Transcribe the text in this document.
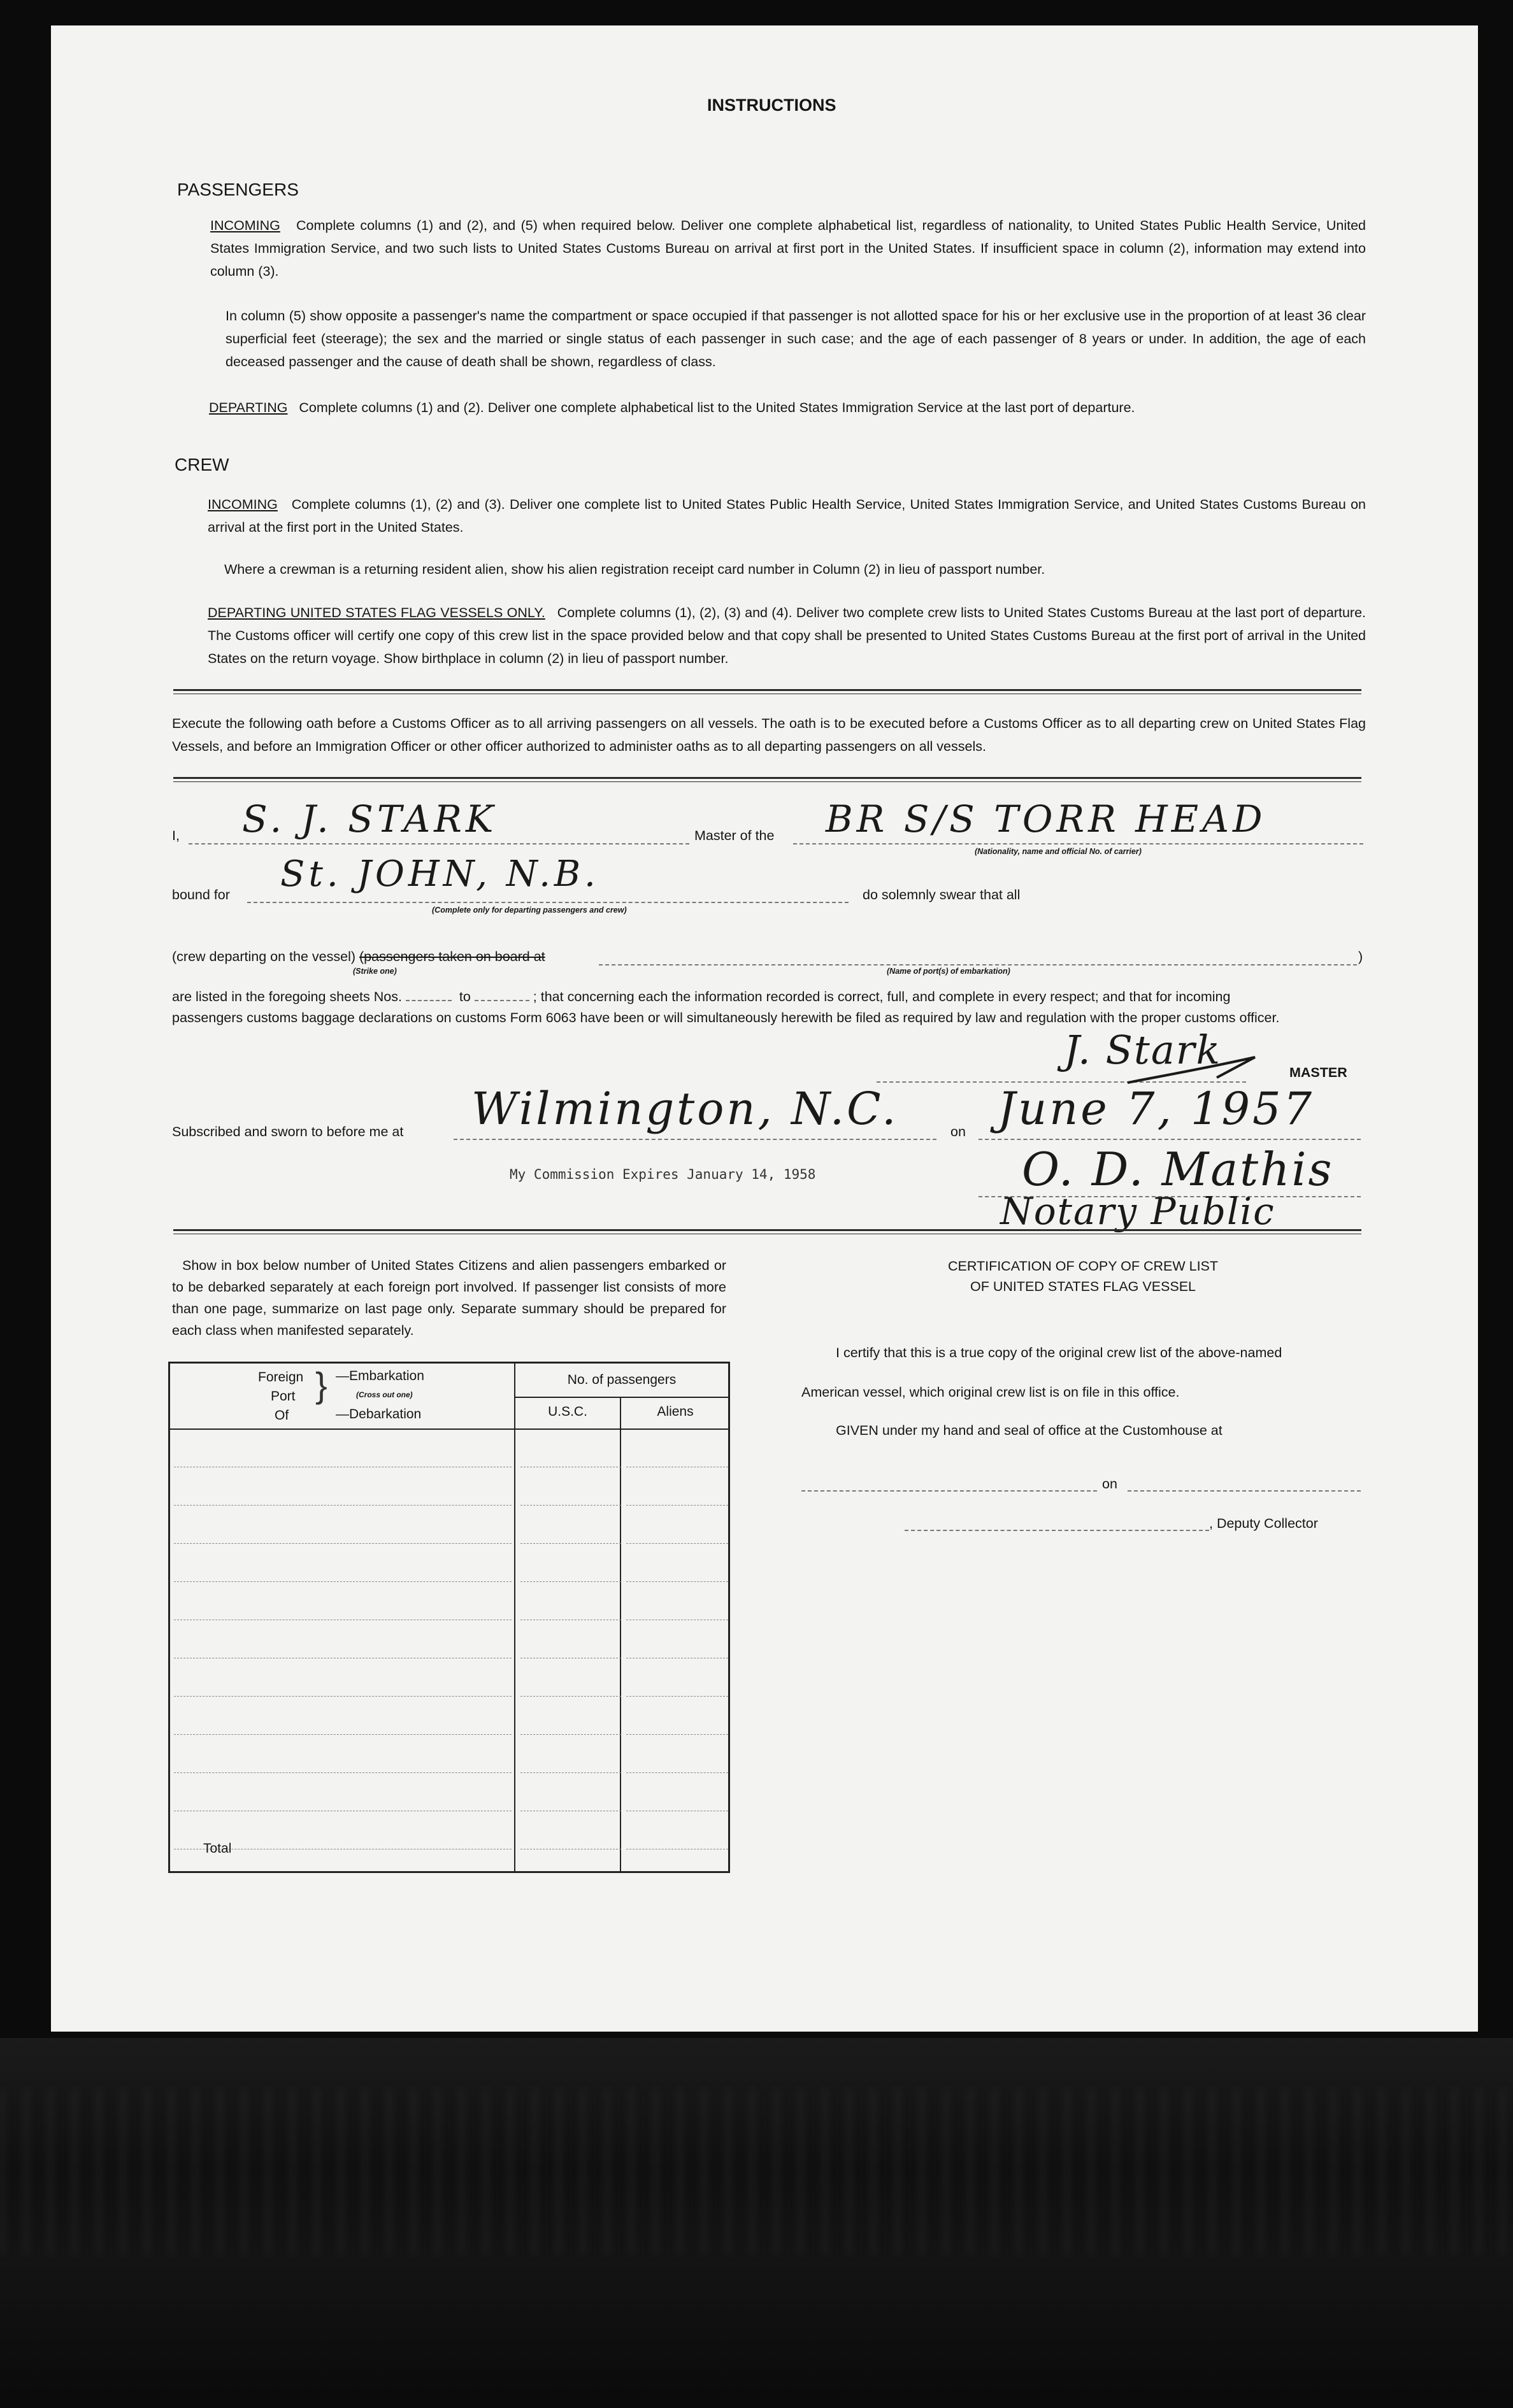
INSTRUCTIONS
PASSENGERS
INCOMING Complete columns (1) and (2), and (5) when required below. Deliver one complete alphabetical list, regardless of nationality, to United States Public Health Service, United States Immigration Service, and two such lists to United States Customs Bureau on arrival at first port in the United States. If insufficient space in column (2), information may extend into column (3).
In column (5) show opposite a passenger's name the compartment or space occupied if that passenger is not allotted space for his or her exclusive use in the proportion of at least 36 clear superficial feet (steerage); the sex and the married or single status of each passenger in such case; and the age of each passenger of 8 years or under. In addition, the age of each deceased passenger and the cause of death shall be shown, regardless of class.
DEPARTING Complete columns (1) and (2). Deliver one complete alphabetical list to the United States Immigration Service at the last port of departure.
CREW
INCOMING Complete columns (1), (2) and (3). Deliver one complete list to United States Public Health Service, United States Immigration Service, and United States Customs Bureau on arrival at the first port in the United States.
Where a crewman is a returning resident alien, show his alien registration receipt card number in Column (2) in lieu of passport number.
DEPARTING UNITED STATES FLAG VESSELS ONLY. Complete columns (1), (2), (3) and (4). Deliver two complete crew lists to United States Customs Bureau at the last port of departure. The Customs officer will certify one copy of this crew list in the space provided below and that copy shall be presented to United States Customs Bureau at the first port of arrival in the United States on the return voyage. Show birthplace in column (2) in lieu of passport number.
Execute the following oath before a Customs Officer as to all arriving passengers on all vessels. The oath is to be executed before a Customs Officer as to all departing crew on United States Flag Vessels, and before an Immigration Officer or other officer authorized to administer oaths as to all departing passengers on all vessels.
I, S. J. STARK	Master of the BR S/S TORR HEAD
(Nationality, name and official No. of carrier)
bound for St. JOHN, N.B.
(Complete only for departing passengers and crew)
do solemnly swear that all
(crew departing on the vessel) (passengers taken on board at	)
(Strike one)	(Name of port(s) of embarkation)
are listed in the foregoing sheets Nos.	to	; that concerning each the information recorded is correct, full, and complete in every respect; and that for incoming
passengers customs baggage declarations on customs Form 6063 have been or will simultaneously herewith be filed as required by law and regulation with the proper customs officer.
J. Stark	MASTER
Subscribed and sworn to before me at Wilmington, N.C.	on June 7, 1957
My Commission Expires January 14, 1958	O. D. Mathis
Notary Public
Show in box below number of United States Citizens and alien passengers embarked or to be debarked separately at each foreign port involved. If passenger list consists of more than one page, summarize on last page only. Separate summary should be prepared for each class when manifested separately.
Foreign
Port
Of
} —Embarkation
(Cross out one)
—Debarkation
No. of passengers
U.S.C.	Aliens
Total
CERTIFICATION OF COPY OF CREW LIST
OF UNITED STATES FLAG VESSEL
I certify that this is a true copy of the original crew list of the above-named
American vessel, which original crew list is on file in this office.
GIVEN under my hand and seal of office at the Customhouse at
on
, Deputy Collector
